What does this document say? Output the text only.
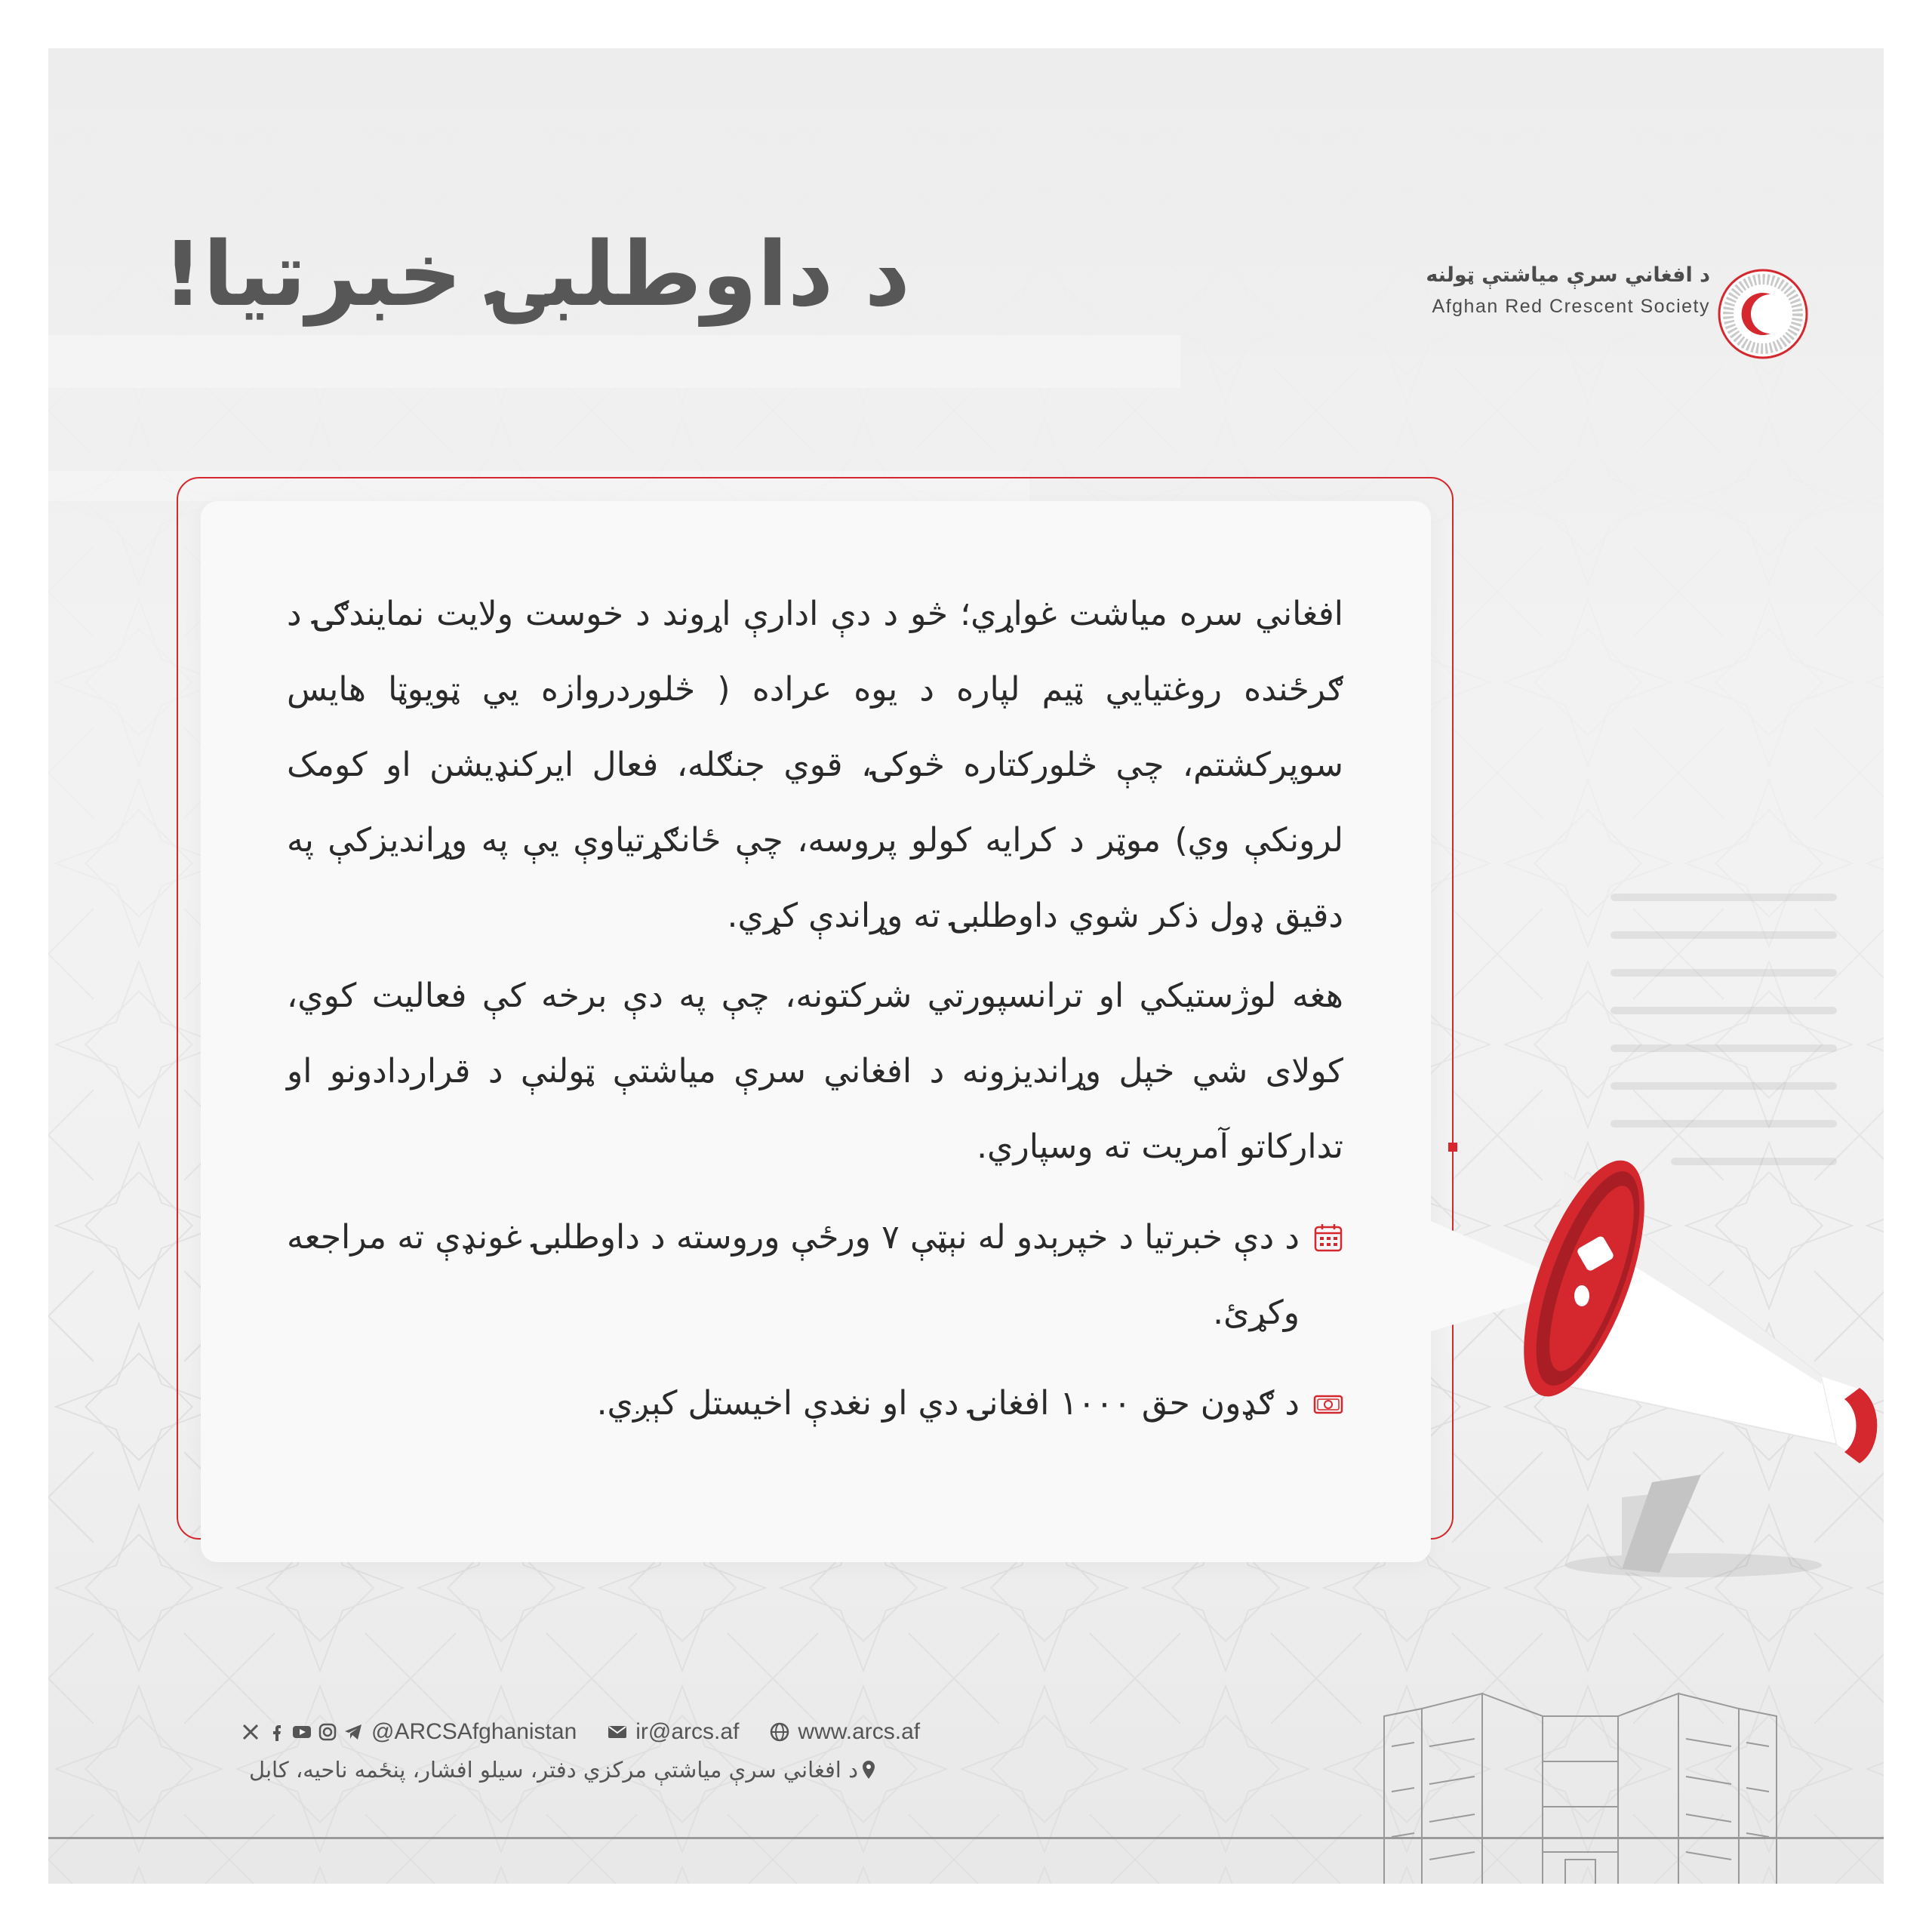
د داوطلبۍ خبرتیا!	د افغاني سرې میاشتې ټولنه
Afghan Red Crescent Society

افغاني سره میاشت غواړي؛ څو د دې ادارې اړوند د خوست ولایت نمایندګۍ د ګرځنده روغتیایي ټیم لپاره د یوه عراده ( څلوردروازه یي ټویوټا هایس سوپرکشتم، چې څلورکتاره څوکۍ، قوي جنګله، فعال ایرکنډیشن او کومک لرونکې وي) موټر د کرایه کولو پروسه، چې ځانګړتیاوې یې په وړاندیزکې په دقیق ډول ذکر شوي داوطلبۍ ته وړاندې کړي.

هغه لوژستیکي او ترانسپورتي شرکتونه، چې په دې برخه کې فعالیت کوي، کولای شي خپل وړاندیزونه د افغاني سرې میاشتې ټولنې د قراردادونو او تدارکاتو آمریت ته وسپاري.

د دې خبرتیا د خپرېدو له نېټې ۷ ورځې وروسته د داوطلبۍ غونډې ته مراجعه وکړئ.
د ګډون حق ۱۰۰۰ افغانۍ دي او نغدې اخیستل کېږي.
@ARCSAfghanistan	ir@arcs.af	www.arcs.af
د افغاني سرې میاشتې مرکزي دفتر، سیلو افشار، پنځمه ناحیه، کابل
